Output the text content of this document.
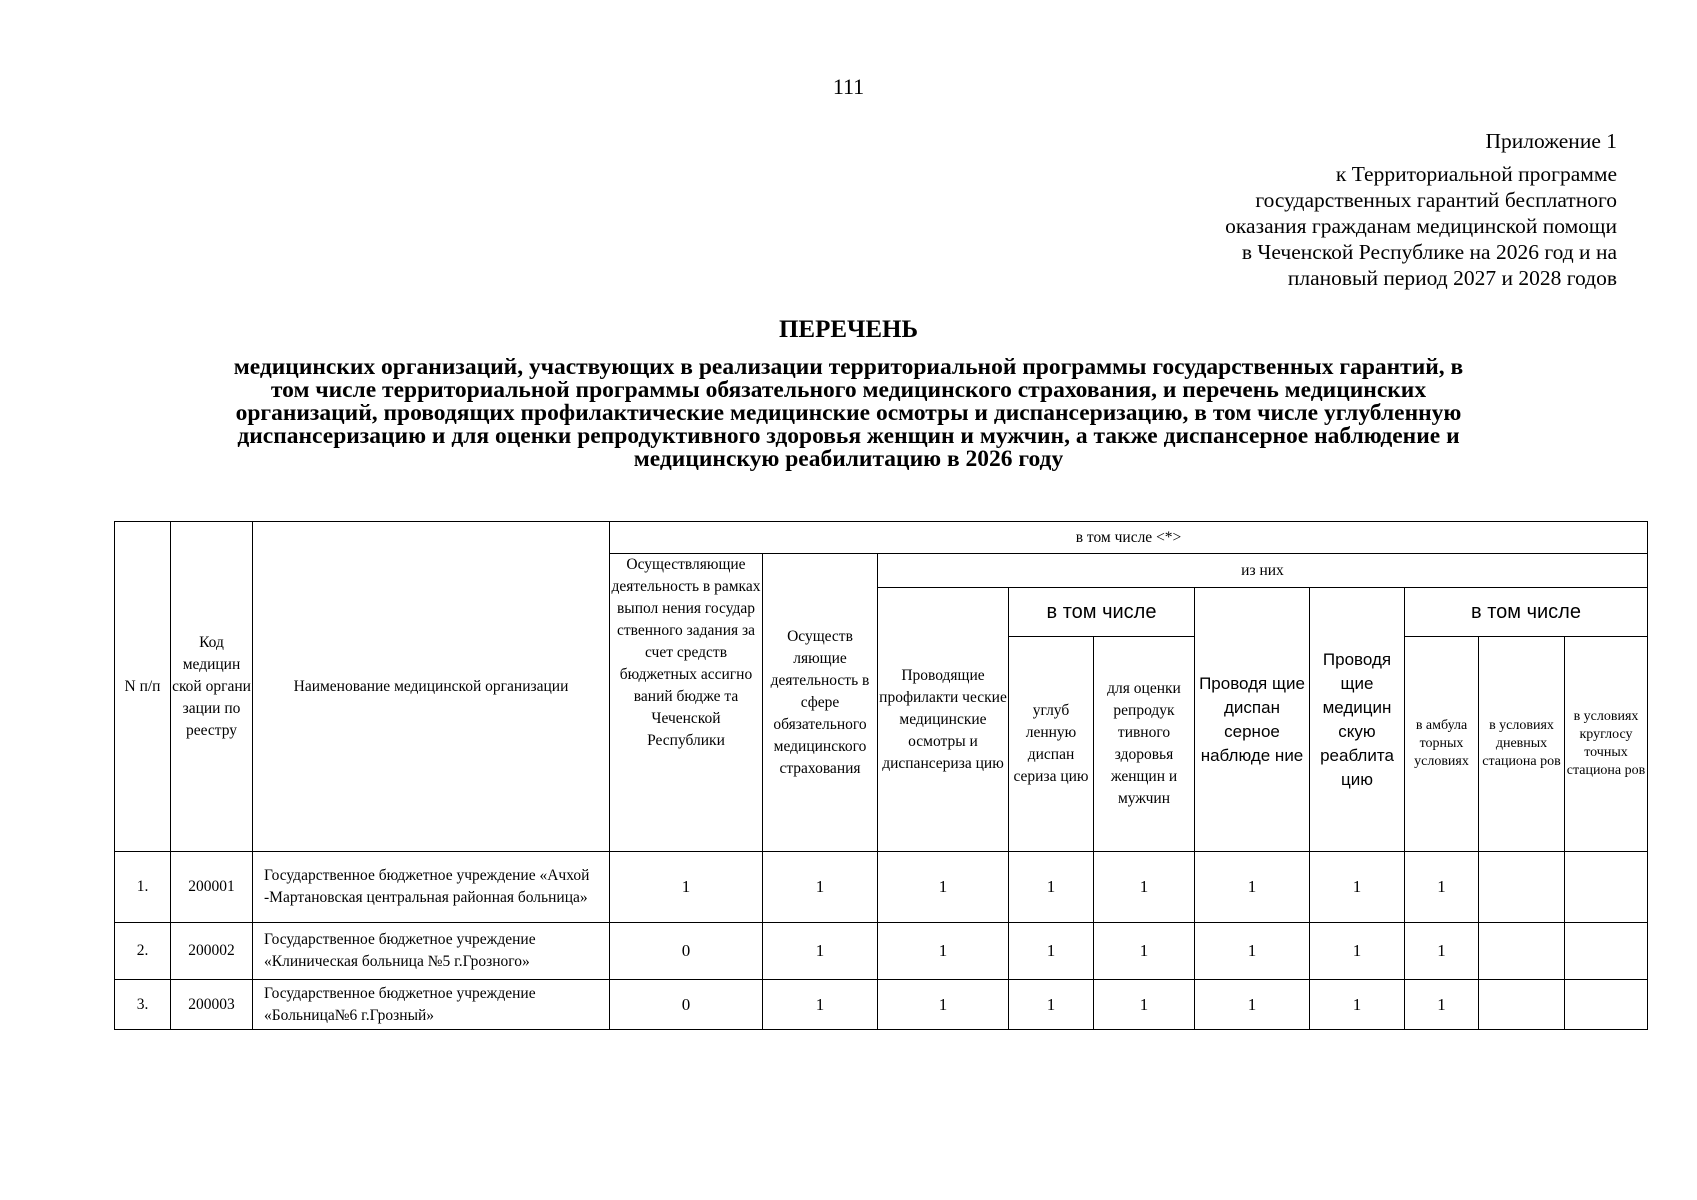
111
Приложение 1
к Территориальной программе
государственных гарантий бесплатного
оказания гражданам медицинской помощи
в Чеченской Республике на 2026 год и на
плановый период 2027 и 2028 годов
ПЕРЕЧЕНЬ
медицинских организаций, участвующих в реализации территориальной программы государственных гарантий, в
том числе территориальной программы обязательного медицинского страхования, и перечень медицинских
организаций, проводящих профилактические медицинские осмотры и диспансеризацию, в том числе углубленную
диспансеризацию и для оценки репродуктивного здоровья женщин и мужчин, а также диспансерное наблюдение и
медицинскую реабилитацию в 2026 году
N п/п	Код медицин ской органи зации по реестру	Наименование медицинской организации	в том числе <*>									
			Осуществляющие деятельность в рамках выпол нения государ ственного задания за счет средств бюджетных ассигно ваний бюдже та Чеченской Республики	Осуществ ляющие деятельность в сфере обязательного медицинского страхования	из них							
					Проводящие профилакти ческие медицинские осмотры и диспансериза цию	в том числе		Проводя щие диспан серное наблюде ние	Проводя щие медицин скую реаблита цию	в том числе		
						углуб ленную диспан сериза цию	для оценки репродук тивного здоровья женщин и мужчин			в амбула торных условиях	в условиях дневных стациона ров	в условиях круглосу точных стациона ров

1.	200001	Государственное бюджетное учреждение «Ачхой -Мартановская центральная районная больница»	1	1	1	1	1	1	1	1		
2.	200002	Государственное бюджетное учреждение «Клиническая больница №5 г.Грозного»	0	1	1	1	1	1	1	1		
3.	200003	Государственное бюджетное учреждение «Больница№6 г.Грозный»	0	1	1	1	1	1	1	1		
